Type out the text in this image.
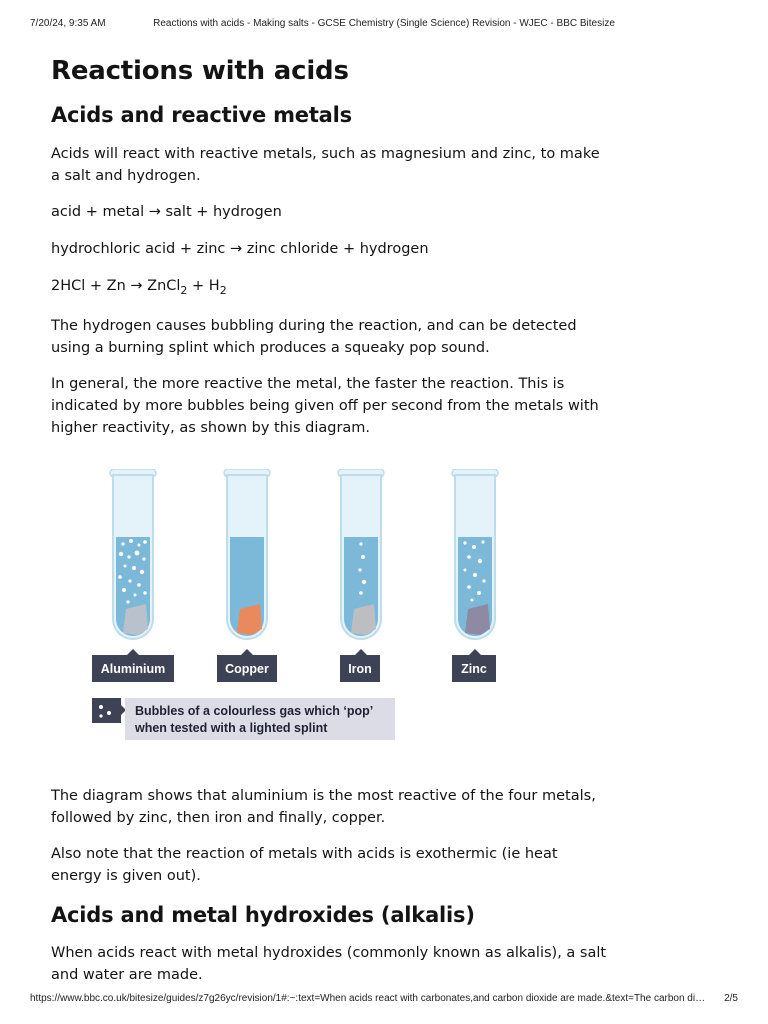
7/20/24, 9:35 AM	Reactions with acids - Making salts - GCSE Chemistry (Single Science) Revision - WJEC - BBC Bitesize
Reactions with acids
Acids and reactive metals

Acids will react with reactive metals, such as magnesium and zinc, to make a salt and hydrogen.

acid + metal → salt + hydrogen

hydrochloric acid + zinc → zinc chloride + hydrogen

2HCl + Zn → ZnCl$_2$ + $H_2$

The hydrogen causes bubbling during the reaction, and can be detected using a burning splint which produces a squeaky pop sound.

In general, the more reactive the metal, the faster the reaction. This is indicated by more bubbles being given off per second from the metals with higher reactivity, as shown by this diagram.

Aluminium	Copper	Iron	Zinc
Bubbles of a colourless gas which ‘pop’
when tested with a lighted splint

The diagram shows that aluminium is the most reactive of the four metals, followed by zinc, then iron and finally, copper.

Also note that the reaction of metals with acids is exothermic (ie heat energy is given out).

Acids and metal hydroxides (alkalis)

When acids react with metal hydroxides (commonly known as alkalis), a salt and water are made.

https://www.bbc.co.uk/bitesize/guides/z7g26yc/revision/1#:~:text=When acids react with carbonates,and carbon dioxide are made.&text=The carbon di…	2/5
